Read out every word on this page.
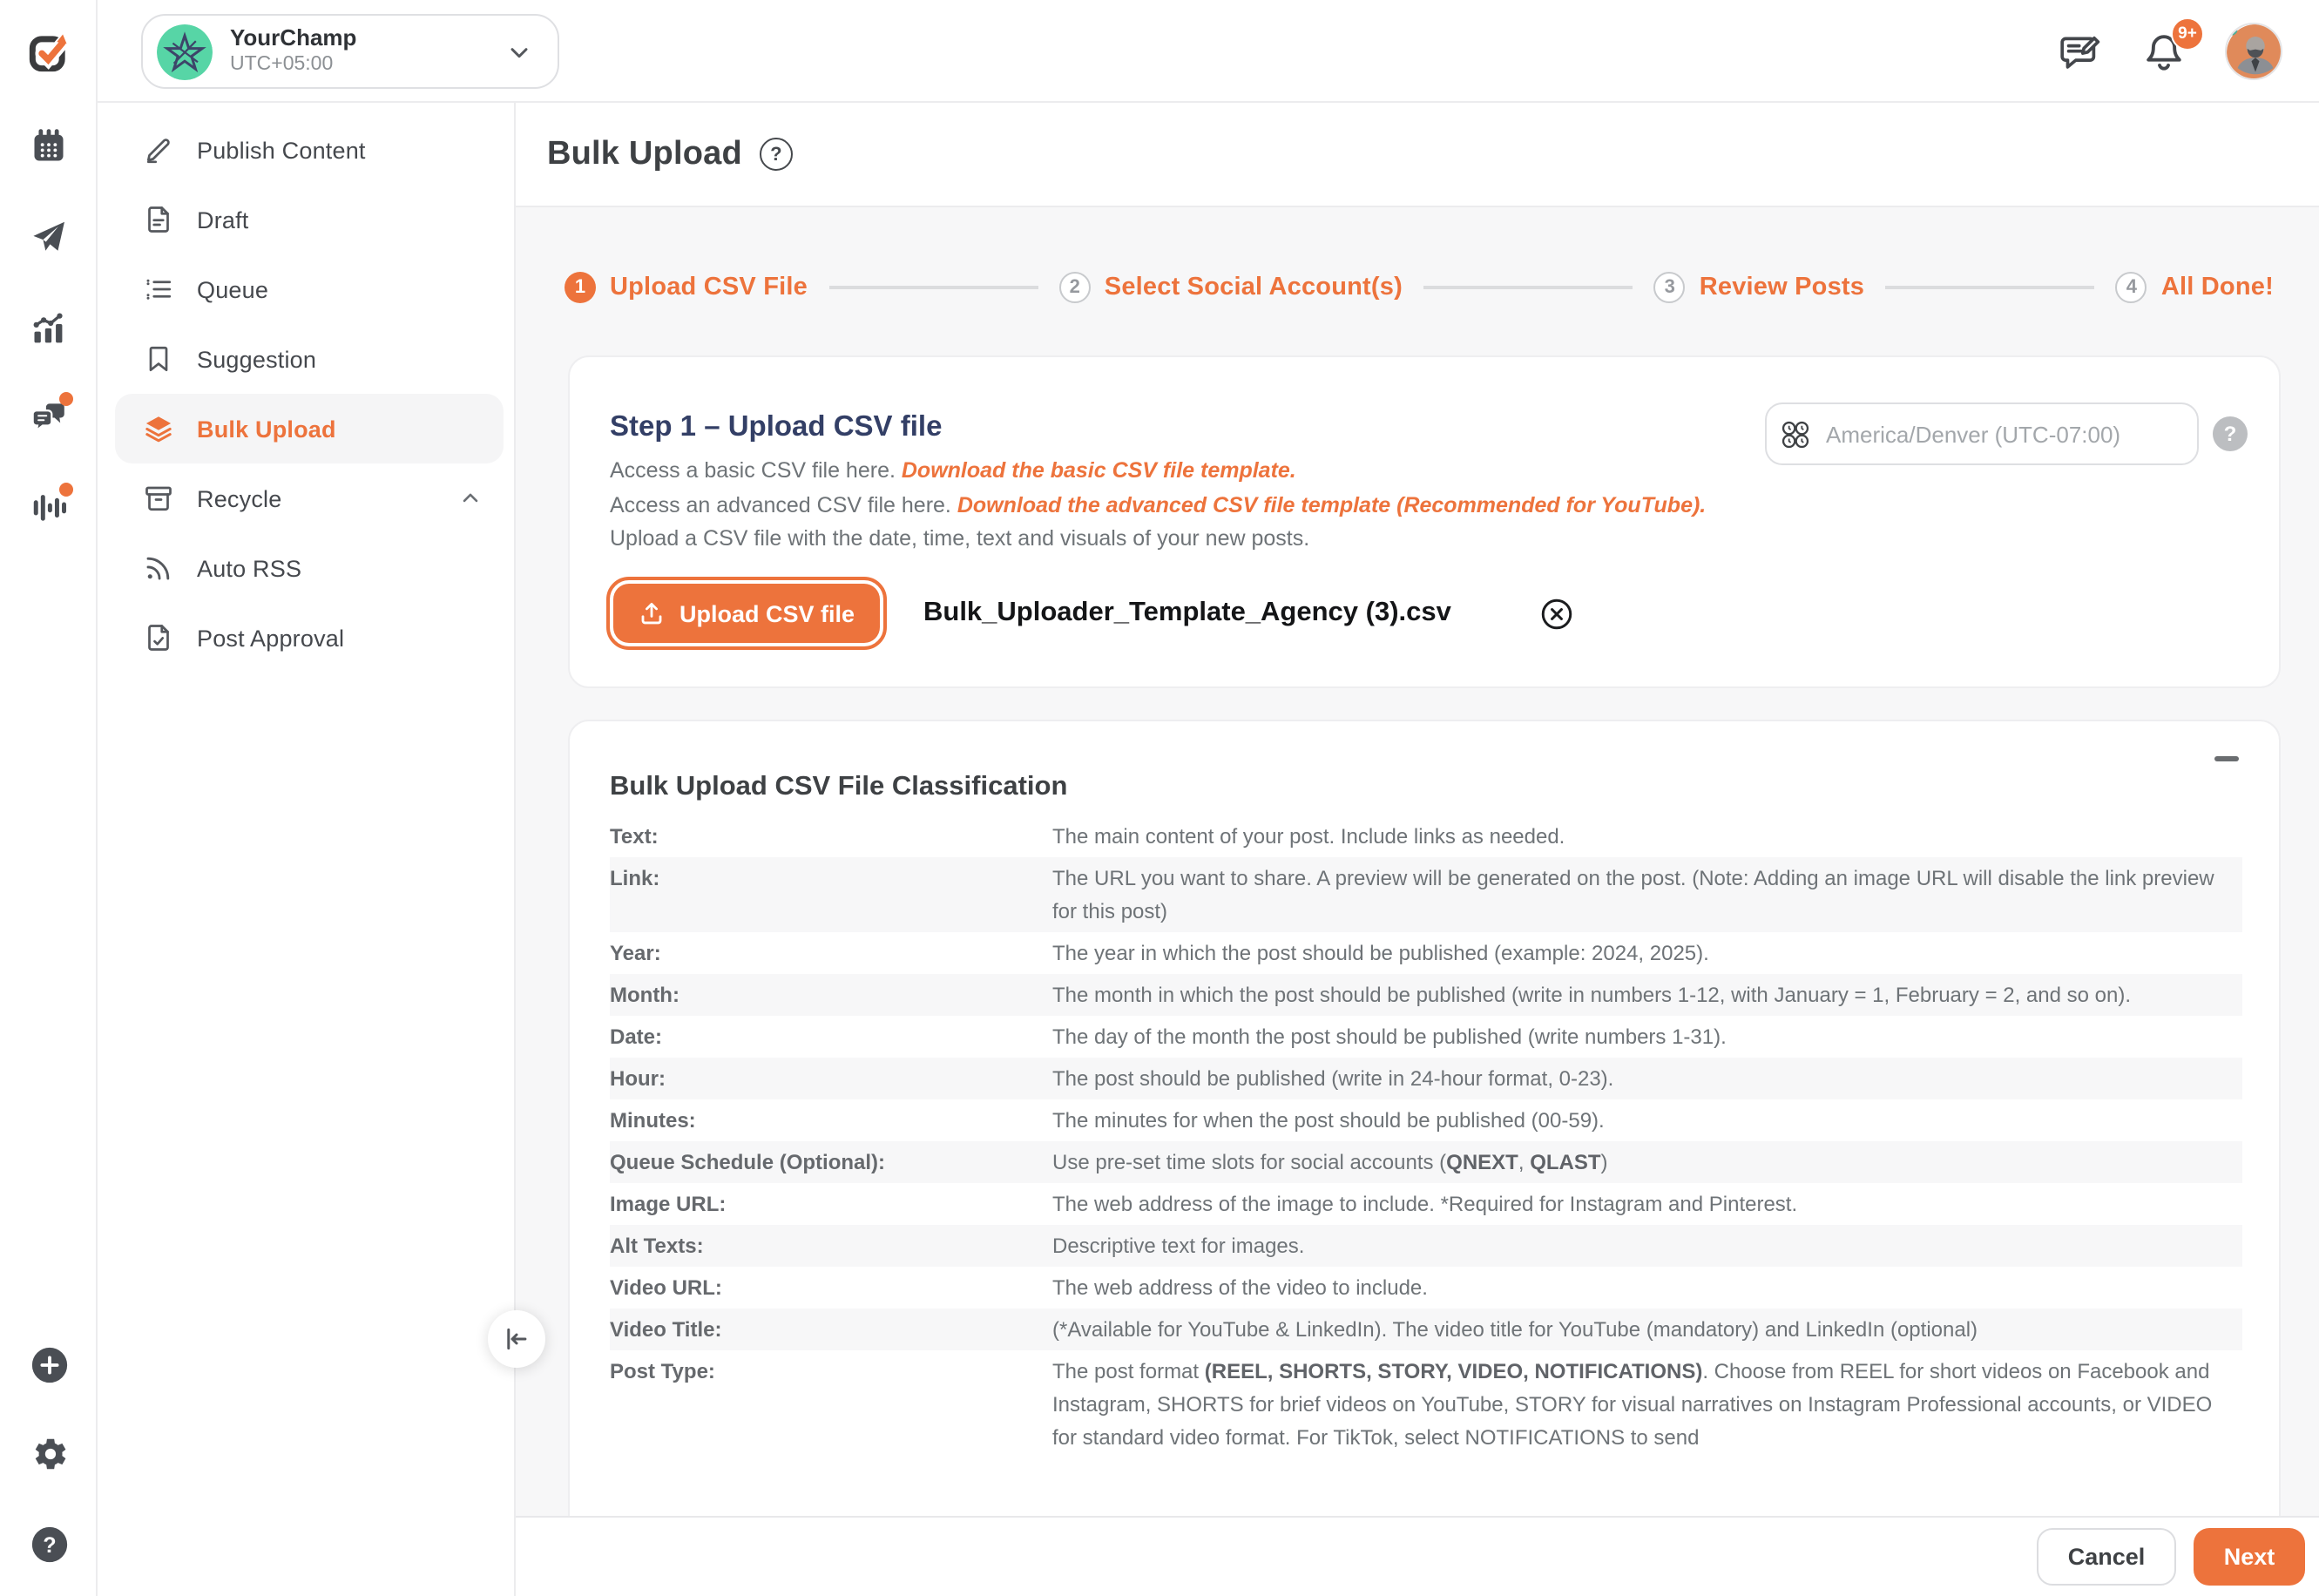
?
YourChamp
UTC+05:00
9+
Publish Content
Draft
Queue
Suggestion
Bulk Upload
Recycle
Auto RSS
Post Approval
Bulk Upload	?
1	Upload CSV File	2	Select Social Account(s)	3	Review Posts	4	All Done!
Step 1 – Upload CSV file
America/Denver (UTC-07:00)	?
Access a basic CSV file here. Download the basic CSV file template.
Access an advanced CSV file here. Download the advanced CSV file template (Recommended for YouTube).
Upload a CSV file with the date, time, text and visuals of your new posts.
Upload CSV file	Bulk_Uploader_Template_Agency (3).csv
Bulk Upload CSV File Classification
Text:	The main content of your post. Include links as needed.
Link:	The URL you want to share. A preview will be generated on the post. (Note: Adding an image URL will disable the link preview for this post)
Year:	The year in which the post should be published (example: 2024, 2025).
Month:	The month in which the post should be published (write in numbers 1-12, with January = 1, February = 2, and so on).
Date:	The day of the month the post should be published (write numbers 1-31).
Hour:	The post should be published (write in 24-hour format, 0-23).
Minutes:	The minutes for when the post should be published (00-59).
Queue Schedule (Optional):	Use pre-set time slots for social accounts (QNEXT, QLAST)
Image URL:	The web address of the image to include. *Required for Instagram and Pinterest.
Alt Texts:	Descriptive text for images.
Video URL:	The web address of the video to include.
Video Title:	(*Available for YouTube & LinkedIn). The video title for YouTube (mandatory) and LinkedIn (optional)
Post Type:	The post format (REEL, SHORTS, STORY, VIDEO, NOTIFICATIONS). Choose from REEL for short videos on Facebook and Instagram, SHORTS for brief videos on YouTube, STORY for visual narratives on Instagram Professional accounts, or VIDEO for standard video format. For TikTok, select NOTIFICATIONS to send
Cancel	Next
